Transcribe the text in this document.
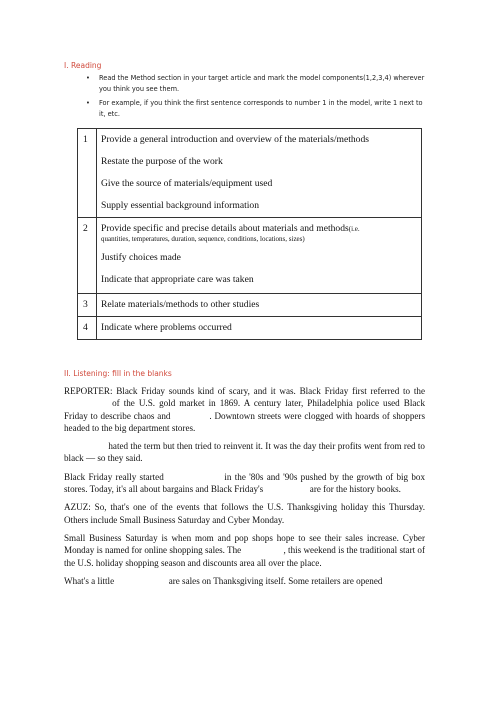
I. Reading
• Read the Method section in your target article and mark the model components(1,2,3,4) wherever you think you see them.
• For example, if you think the first sentence corresponds to number 1 in the model, write 1 next to it, etc.
1	Provide a general introduction and overview of the materials/methods
Restate the purpose of the work
Give the source of materials/equipment used
Supply essential background information

2	Provide specific and precise details about materials and methods(i.e.
quantities, temperatures, duration, sequence, conditions, locations, sizes)
Justify choices made
Indicate that appropriate care was taken

3	Relate materials/methods to other studies

4	Indicate where problems occurred
II. Listening: fill in the blanks

REPORTER: Black Friday sounds kind of scary, and it was. Black Friday first referred to the  of the U.S. gold market in 1869. A century later, Philadelphia police used Black Friday to describe chaos and	. Downtown streets were clogged with hoards of shoppers headed to the big department stores.

hated the term but then tried to reinvent it. It was the day their profits went from red to black — so they said.

Black Friday really started	in the '80s and '90s pushed by the growth of big box stores. Today, it's all about bargains and Black Friday's	are for the history books.

AZUZ: So, that's one of the events that follows the U.S. Thanksgiving holiday this Thursday. Others include Small Business Saturday and Cyber Monday.

Small Business Saturday is when mom and pop shops hope to see their sales increase. Cyber Monday is named for online shopping sales. The	, this weekend is the traditional start of the U.S. holiday shopping season and discounts area all over the place.

What's a little	are sales on Thanksgiving itself. Some retailers are opened
